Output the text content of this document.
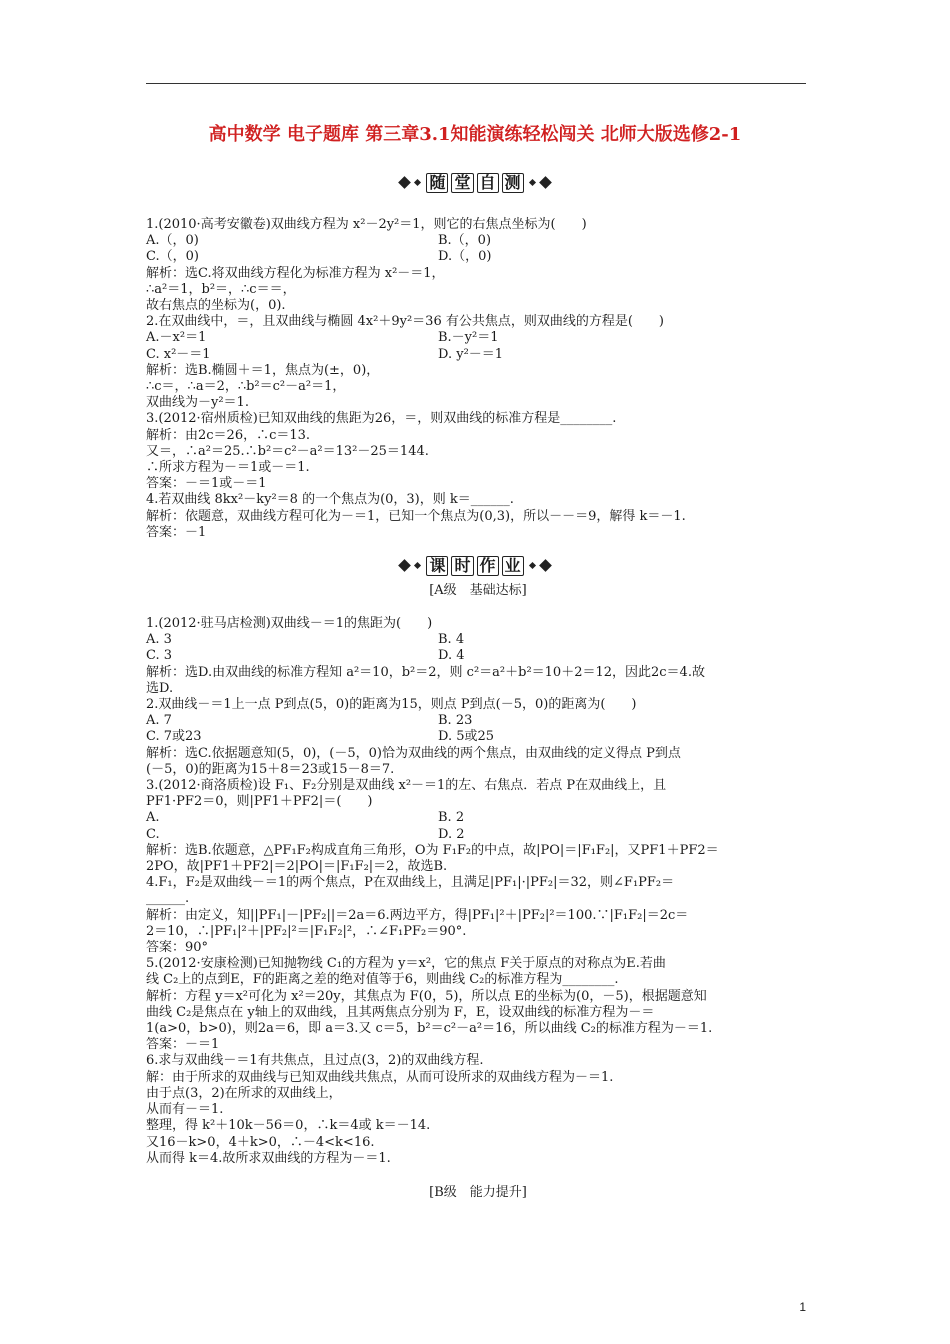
高中数学 电子题库 第三章3.1知能演练轻松闯关 北师大版选修2-1
随 堂 自 测
1.(2010·高考安徽卷)双曲线方程为 x²－2y²＝1，则它的右焦点坐标为(　　)
A.（，0)	B.（，0)
C.（，0)	D.（，0)
解析：选C.将双曲线方程化为标准方程为 x²－＝1，
∴a²＝1，b²＝，∴c＝＝，
故右焦点的坐标为(，0).
2.在双曲线中，＝，且双曲线与椭圆 4x²＋9y²＝36 有公共焦点，则双曲线的方程是(　　)
A.－x²＝1	B.－y²＝1
C. x²－＝1	D. y²－＝1
解析：选B.椭圆＋＝1，焦点为(±，0)，
∴c＝，∴a＝2，∴b²＝c²－a²＝1，
双曲线为－y²＝1.
3.(2012·宿州质检)已知双曲线的焦距为26，＝，则双曲线的标准方程是________.
解析：由2c＝26，∴c＝13.
又＝，∴a²＝25.∴b²＝c²－a²＝13²－25＝144.
∴所求方程为－＝1或－＝1.
答案：－＝1或－＝1
4.若双曲线 8kx²－ky²＝8 的一个焦点为(0，3)，则 k＝______.
解析：依题意，双曲线方程可化为－＝1，已知一个焦点为(0,3)，所以－－＝9，解得 k＝－1.
答案：－1
课 时 作 业
[A级　基础达标]
1.(2012·驻马店检测)双曲线－＝1的焦距为(　　)
A. 3	B. 4
C. 3	D. 4
解析：选D.由双曲线的标准方程知 a²＝10，b²＝2，则 c²＝a²＋b²＝10＋2＝12，因此2c＝4.故
选D.
2.双曲线－＝1上一点 P到点(5，0)的距离为15，则点 P到点(－5，0)的距离为(　　)
A. 7	B. 23
C. 7或23	D. 5或25
解析：选C.依据题意知(5，0)，(－5，0)恰为双曲线的两个焦点，由双曲线的定义得点 P到点
(－5，0)的距离为15＋8＝23或15－8＝7.
3.(2012·商洛质检)设 F₁、F₂分别是双曲线 x²－＝1的左、右焦点．若点 P在双曲线上，且
PF1·PF2＝0，则|PF1＋PF2|＝(　　)
A.	B. 2
C.	D. 2
解析：选B.依题意，△PF₁F₂构成直角三角形，O为 F₁F₂的中点，故|PO|＝|F₁F₂|，又PF1＋PF2＝
2PO，故|PF1＋PF2|＝2|PO|＝|F₁F₂|＝2，故选B.
4.F₁，F₂是双曲线－＝1的两个焦点，P在双曲线上，且满足|PF₁|·|PF₂|＝32，则∠F₁PF₂＝
______.
解析：由定义，知||PF₁|－|PF₂||＝2a＝6.两边平方，得|PF₁|²＋|PF₂|²＝100.∵|F₁F₂|＝2c＝
2＝10，∴|PF₁|²＋|PF₂|²＝|F₁F₂|²，∴∠F₁PF₂＝90°.
答案：90°
5.(2012·安康检测)已知抛物线 C₁的方程为 y＝x²，它的焦点 F关于原点的对称点为E.若曲
线 C₂上的点到E，F的距离之差的绝对值等于6，则曲线 C₂的标准方程为________.
解析：方程 y＝x²可化为 x²＝20y，其焦点为 F(0，5)，所以点 E的坐标为(0，－5)，根据题意知
曲线 C₂是焦点在 y轴上的双曲线，且其两焦点分别为 F，E，设双曲线的标准方程为－＝
1(a>0，b>0)，则2a＝6，即 a＝3.又 c＝5，b²＝c²－a²＝16，所以曲线 C₂的标准方程为－＝1.
答案：－＝1
6.求与双曲线－＝1有共焦点，且过点(3，2)的双曲线方程.
解：由于所求的双曲线与已知双曲线共焦点，从而可设所求的双曲线方程为－＝1.
由于点(3，2)在所求的双曲线上，
从而有－＝1.
整理，得 k²＋10k－56＝0，∴k＝4或 k＝－14.
又16－k>0，4＋k>0，∴－4<k<16.
从而得 k＝4.故所求双曲线的方程为－＝1.
[B级　能力提升]
1
